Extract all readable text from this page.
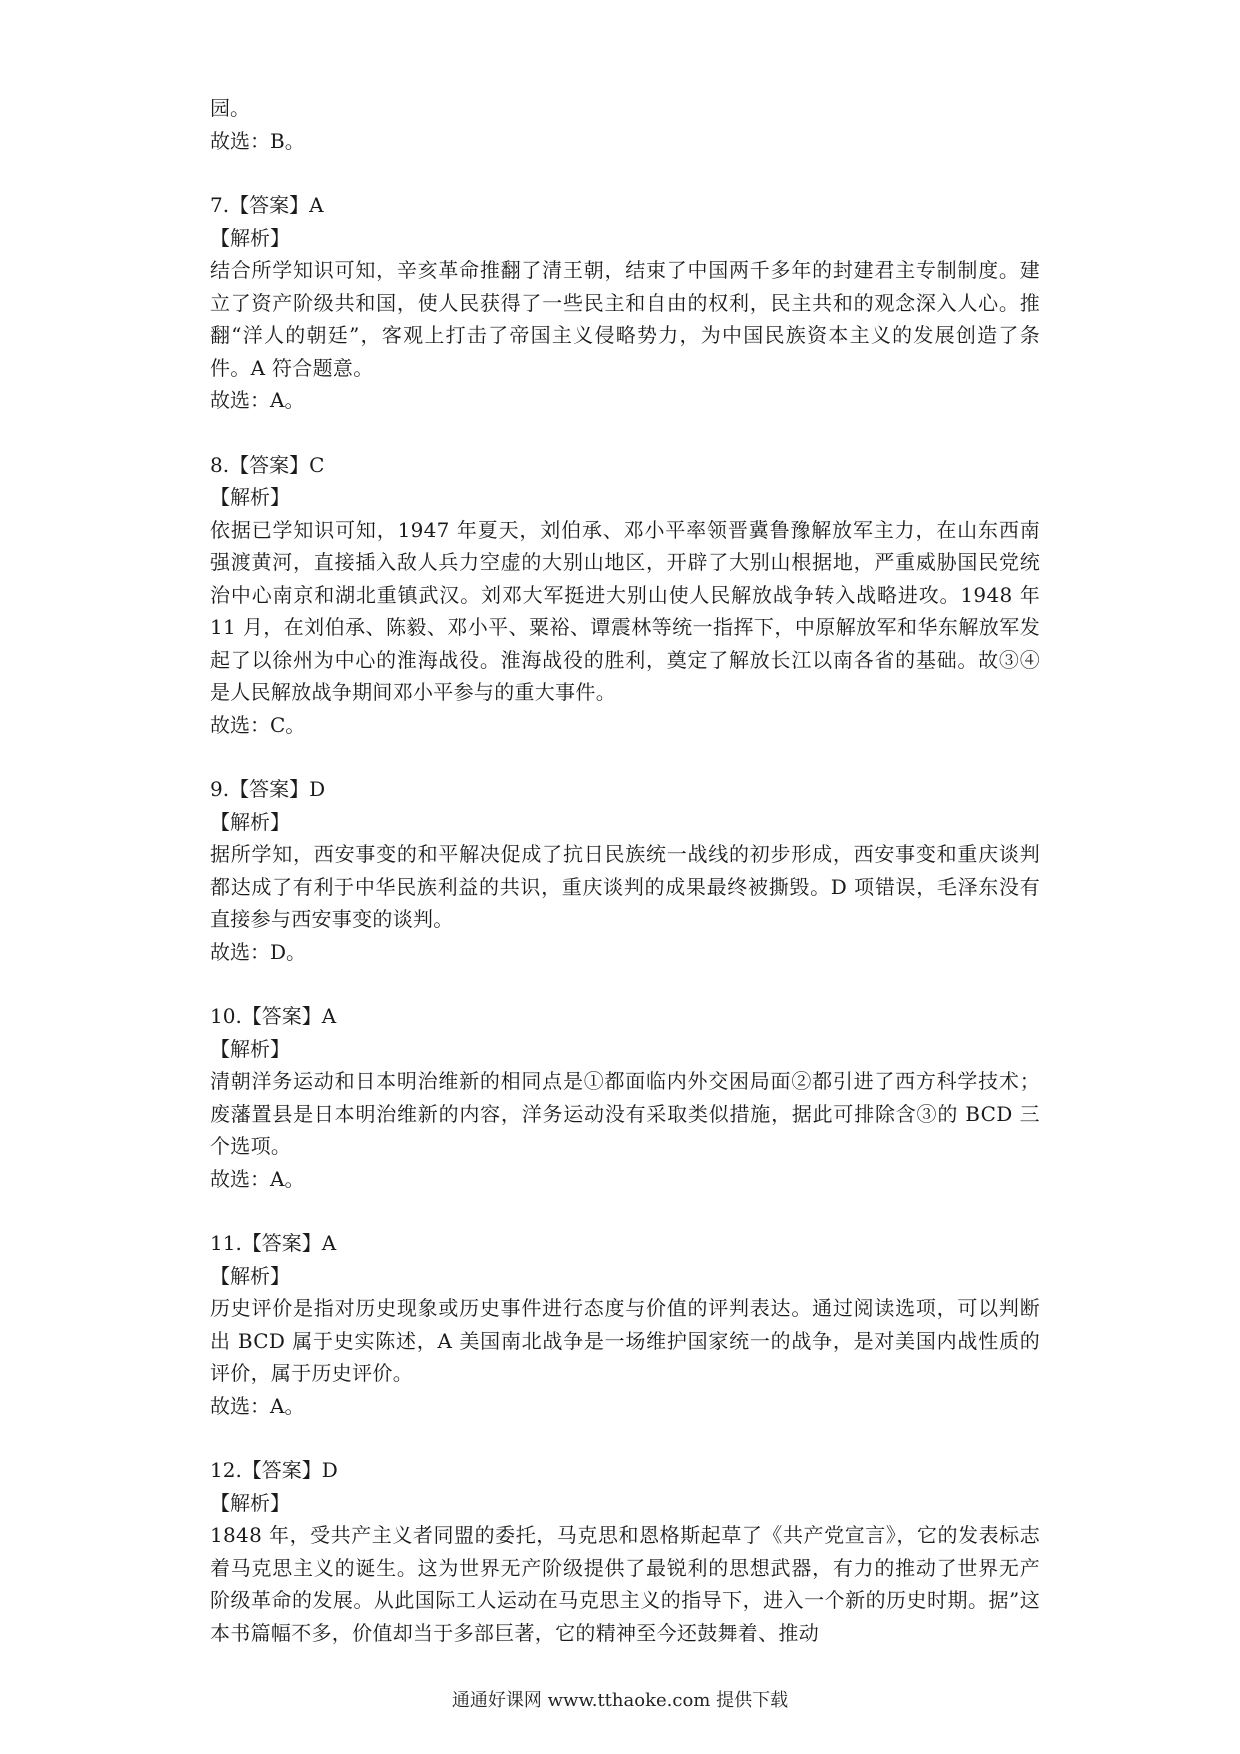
园。
故选：B。
7.【答案】A
【解析】
结合所学知识可知，辛亥革命推翻了清王朝，结束了中国两千多年的封建君主专制制度。建立了资产阶级共和国，使人民获得了一些民主和自由的权利，民主共和的观念深入人心。推翻“洋人的朝廷”，客观上打击了帝国主义侵略势力，为中国民族资本主义的发展创造了条件。A 符合题意。
故选：A。
8.【答案】C
【解析】
依据已学知识可知，1947 年夏天，刘伯承、邓小平率领晋冀鲁豫解放军主力，在山东西南强渡黄河，直接插入敌人兵力空虚的大别山地区，开辟了大别山根据地，严重威胁国民党统治中心南京和湖北重镇武汉。刘邓大军挺进大别山使人民解放战争转入战略进攻。1948 年 11 月，在刘伯承、陈毅、邓小平、粟裕、谭震林等统一指挥下，中原解放军和华东解放军发起了以徐州为中心的淮海战役。淮海战役的胜利，奠定了解放长江以南各省的基础。故③④是人民解放战争期间邓小平参与的重大事件。
故选：C。
9.【答案】D
【解析】
据所学知，西安事变的和平解决促成了抗日民族统一战线的初步形成，西安事变和重庆谈判都达成了有利于中华民族利益的共识，重庆谈判的成果最终被撕毁。D 项错误，毛泽东没有直接参与西安事变的谈判。
故选：D。
10.【答案】A
【解析】
清朝洋务运动和日本明治维新的相同点是①都面临内外交困局面②都引进了西方科学技术；废藩置县是日本明治维新的内容，洋务运动没有采取类似措施，据此可排除含③的 BCD 三个选项。
故选：A。
11.【答案】A
【解析】
历史评价是指对历史现象或历史事件进行态度与价值的评判表达。通过阅读选项，可以判断出 BCD 属于史实陈述，A 美国南北战争是一场维护国家统一的战争，是对美国内战性质的评价，属于历史评价。
故选：A。
12.【答案】D
【解析】
1848 年，受共产主义者同盟的委托，马克思和恩格斯起草了《共产党宣言》，它的发表标志着马克思主义的诞生。这为世界无产阶级提供了最锐利的思想武器，有力的推动了世界无产阶级革命的发展。从此国际工人运动在马克思主义的指导下，进入一个新的历史时期。据”这本书篇幅不多，价值却当于多部巨著，它的精神至今还鼓舞着、推动
通通好课网 www.tthaoke.com 提供下载
